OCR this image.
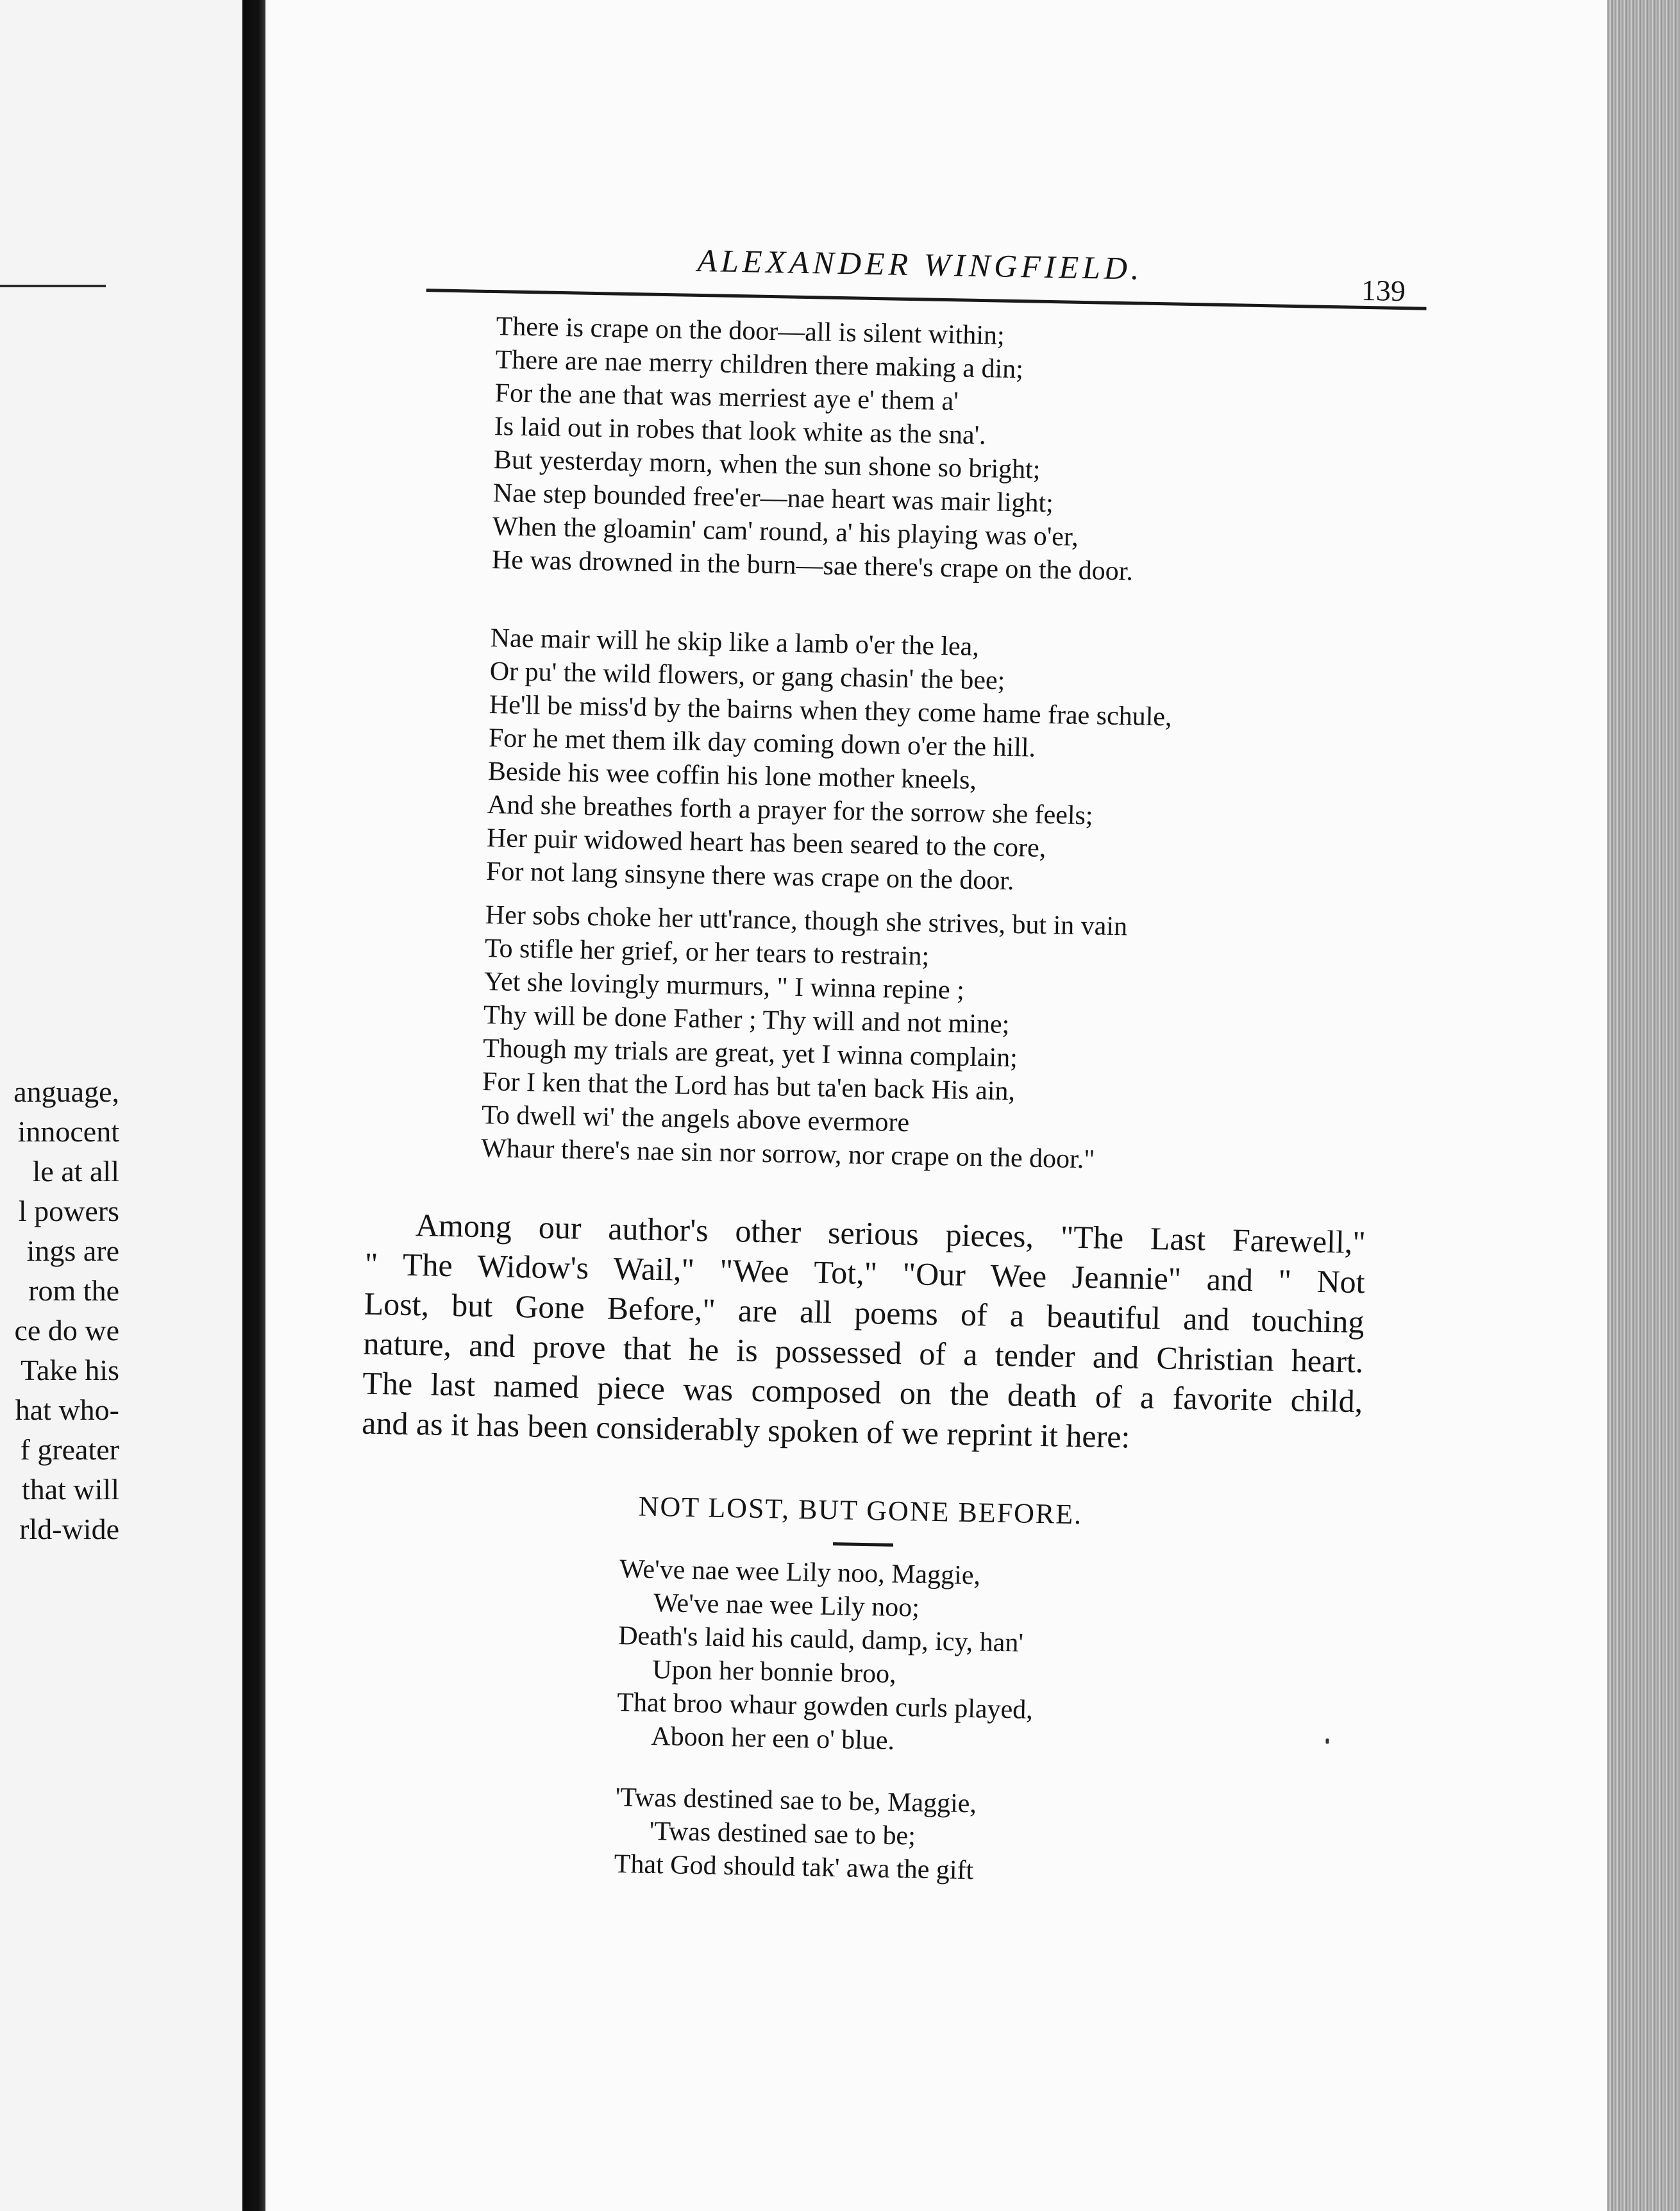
anguage,
innocent
le at all
l powers
ings are
rom the
ce do we
Take his
hat who-
f greater
that will
rld-wide
ALEXANDER WINGFIELD.
139
There is crape on the door—all is silent within;
There are nae merry children there making a din;
For the ane that was merriest aye e' them a'
Is laid out in robes that look white as the sna'.
But yesterday morn, when the sun shone so bright;
Nae step bounded free'er—nae heart was mair light;
When the gloamin' cam' round, a' his playing was o'er,
He was drowned in the burn—sae there's crape on the door.
Nae mair will he skip like a lamb o'er the lea,
Or pu' the wild flowers, or gang chasin' the bee;
He'll be miss'd by the bairns when they come hame frae schule,
For he met them ilk day coming down o'er the hill.
Beside his wee coffin his lone mother kneels,
And she breathes forth a prayer for the sorrow she feels;
Her puir widowed heart has been seared to the core,
For not lang sinsyne there was crape on the door.
Her sobs choke her utt'rance, though she strives, but in vain
To stifle her grief, or her tears to restrain;
Yet she lovingly murmurs, " I winna repine ;
Thy will be done Father ; Thy will and not mine;
Though my trials are great, yet I winna complain;
For I ken that the Lord has but ta'en back His ain,
To dwell wi' the angels above evermore
Whaur there's nae sin nor sorrow, nor crape on the door."
Among our author's other serious pieces, "The Last Farewell,"
" The Widow's Wail," "Wee Tot," "Our Wee Jeannie" and " Not
Lost, but Gone Before," are all poems of a beautiful and touching
nature, and prove that he is possessed of a tender and Christian heart.
The last named piece was composed on the death of a favorite child,
and as it has been considerably spoken of we reprint it here:
NOT LOST, BUT GONE BEFORE.
We've nae wee Lily noo, Maggie,
We've nae wee Lily noo;
Death's laid his cauld, damp, icy, han'
Upon her bonnie broo,
That broo whaur gowden curls played,
Aboon her een o' blue.
'Twas destined sae to be, Maggie,
'Twas destined sae to be;
That God should tak' awa the gift
